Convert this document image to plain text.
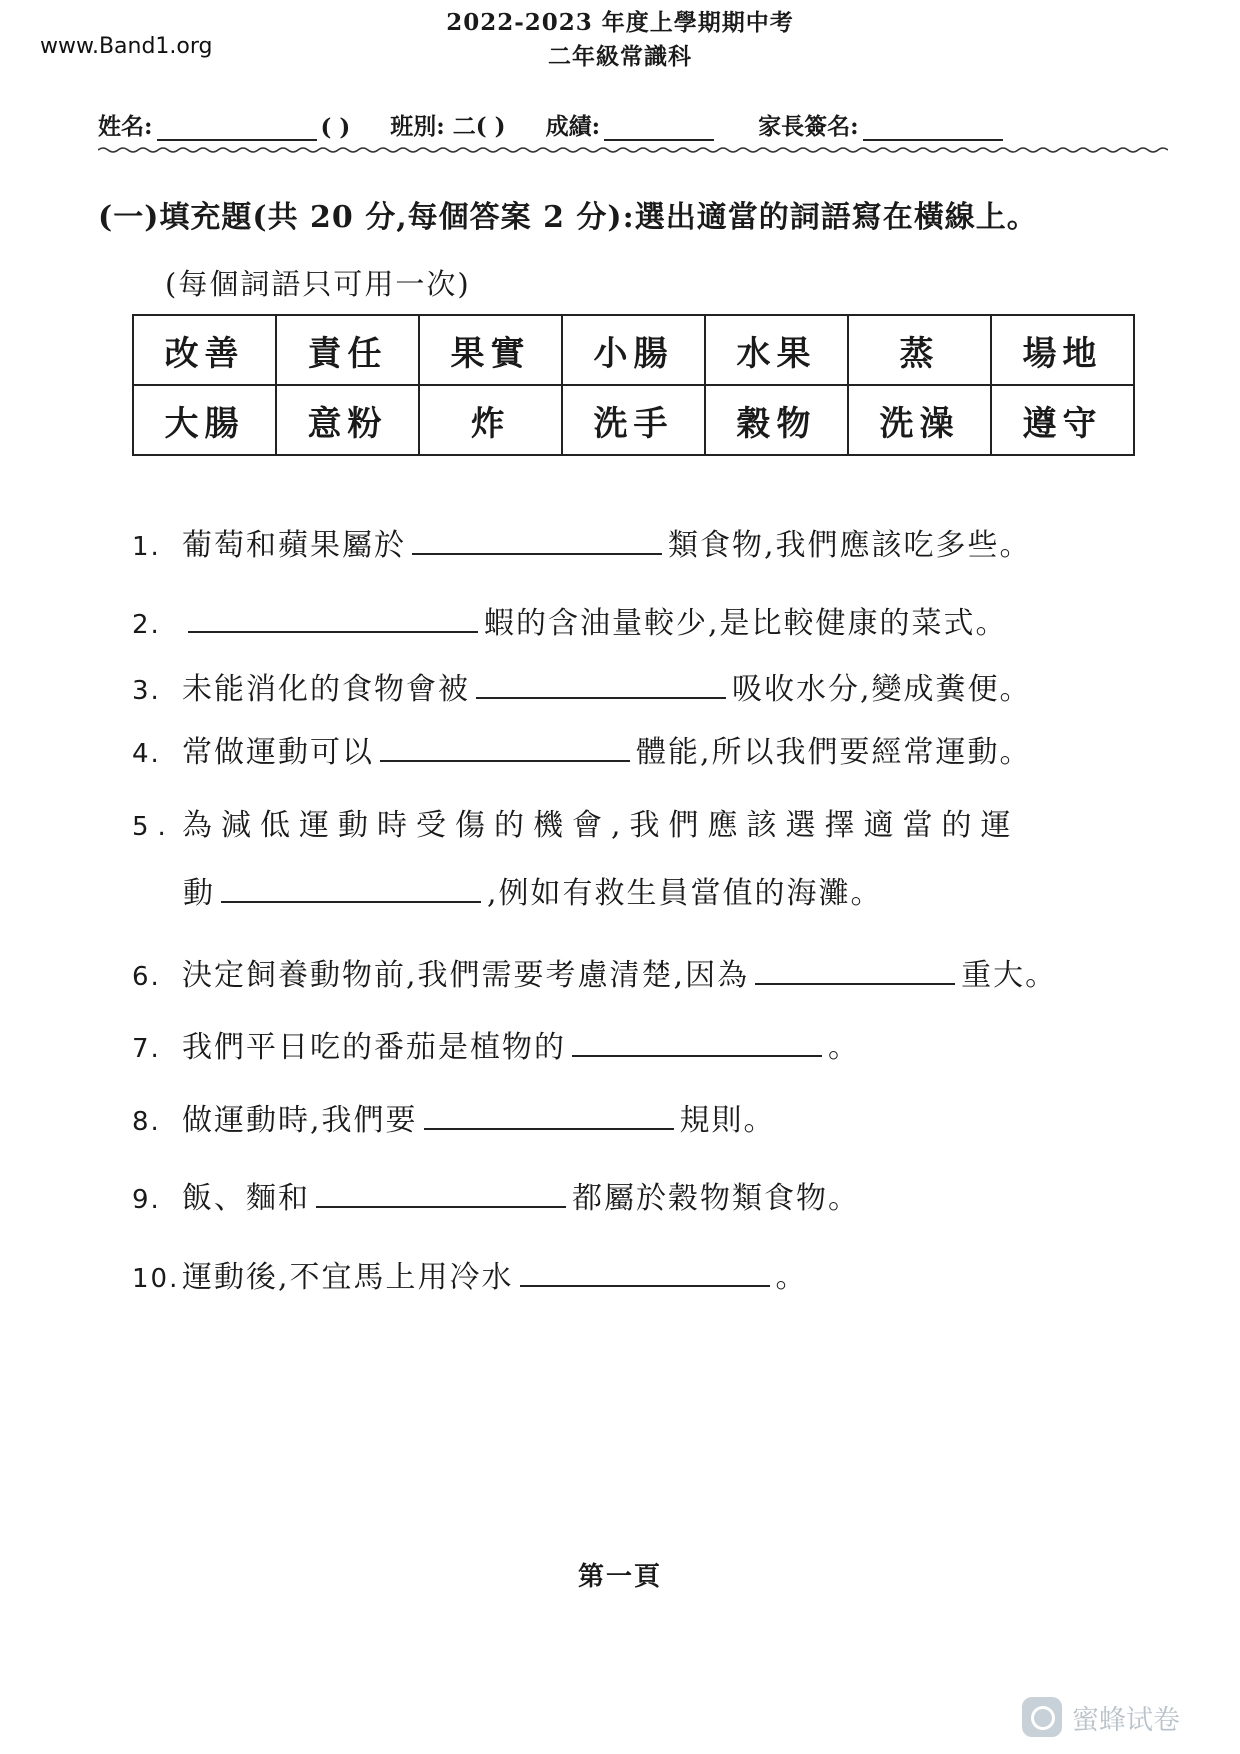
www.Band1.org
2022-2023 年度上學期期中考
二年級常識科
姓名:	( ) 班別: 二( ) 成績:	家長簽名:
(一)填充題(共 20 分,每個答案 2 分):選出適當的詞語寫在橫線上。
(每個詞語只可用一次)
改善	責任	果實	小腸	水果	蒸	場地
大腸	意粉	炸	洗手	穀物	洗澡	遵守
1. 葡萄和蘋果屬於	類食物,我們應該吃多些。
2.	蝦的含油量較少,是比較健康的菜式。
3. 未能消化的食物會被	吸收水分,變成糞便。
4. 常做運動可以	體能,所以我們要經常運動。
5. 為減低運動時受傷的機會,我們應該選擇適當的運
動	,例如有救生員當值的海灘。
6. 決定飼養動物前,我們需要考慮清楚,因為	重大。
7. 我們平日吃的番茄是植物的	。
8. 做運動時,我們要	規則。
9. 飯、麵和	都屬於穀物類食物。
10.運動後,不宜馬上用冷水	。
第一頁
蜜蜂试卷
